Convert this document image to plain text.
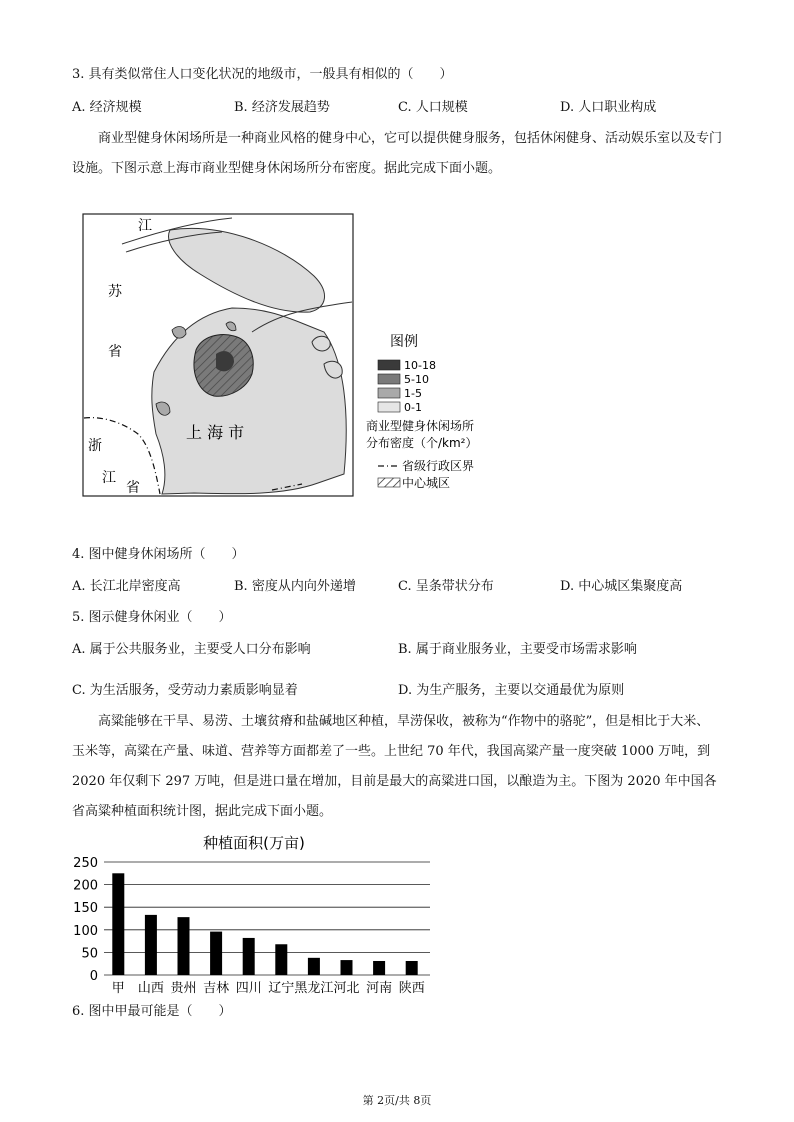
3. 具有类似常住人口变化状况的地级市，一般具有相似的（　　）
A. 经济规模	B. 经济发展趋势	C. 人口规模	D. 人口职业构成
商业型健身休闲场所是一种商业风格的健身中心，它可以提供健身服务，包括休闲健身、活动娱乐室以及专门设施。下图示意上海市商业型健身休闲场所分布密度。据此完成下面小题。
江
苏
省
浙
江
省
上 海 市
图例
10-18
5-10
1-5
0-1
商业型健身休闲场所
分布密度（个/km²）
省级行政区界
中心城区
4. 图中健身休闲场所（　　）
A. 长江北岸密度高	B. 密度从内向外递增	C. 呈条带状分布	D. 中心城区集聚度高
5. 图示健身休闲业（　　）
A. 属于公共服务业，主要受人口分布影响	B. 属于商业服务业，主要受市场需求影响
C. 为生活服务，受劳动力素质影响显着	D. 为生产服务，主要以交通最优为原则
高粱能够在干旱、易涝、土壤贫瘠和盐碱地区种植，旱涝保收，被称为“作物中的骆驼”，但是相比于大米、玉米等，高粱在产量、味道、营养等方面都差了一些。上世纪 70 年代，我国高粱产量一度突破 1000 万吨，到 2020 年仅剩下 297 万吨，但是进口量在增加，目前是最大的高粱进口国，以酿造为主。下图为 2020 年中国各省高粱种植面积统计图，据此完成下面小题。
种植面积(万亩)
0
50
100
150
200
250
甲 山西 贵州 吉林 四川 辽宁 黑龙江 河北 河南 陕西
6. 图中甲最可能是（　　）
第 2页/共 8页
